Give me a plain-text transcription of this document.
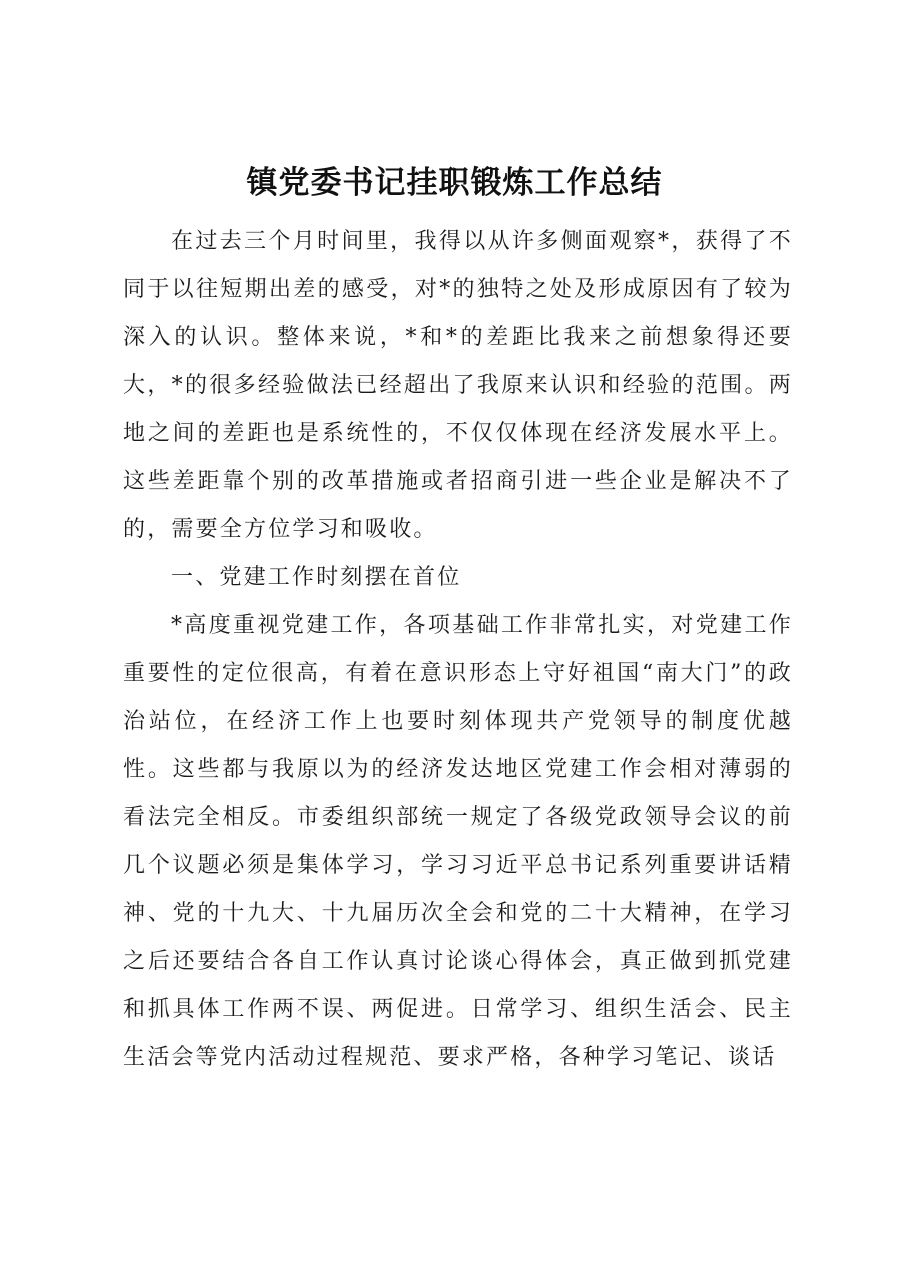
镇党委书记挂职锻炼工作总结

在过去三个月时间里，我得以从许多侧面观察*，获得了不同于以往短期出差的感受，对*的独特之处及形成原因有了较为深入的认识。整体来说，*和*的差距比我来之前想象得还要大，*的很多经验做法已经超出了我原来认识和经验的范围。两地之间的差距也是系统性的，不仅仅体现在经济发展水平上。这些差距靠个别的改革措施或者招商引进一些企业是解决不了的，需要全方位学习和吸收。

一、党建工作时刻摆在首位

*高度重视党建工作，各项基础工作非常扎实，对党建工作重要性的定位很高，有着在意识形态上守好祖国“南大门”的政治站位，在经济工作上也要时刻体现共产党领导的制度优越性。这些都与我原以为的经济发达地区党建工作会相对薄弱的看法完全相反。市委组织部统一规定了各级党政领导会议的前几个议题必须是集体学习，学习习近平总书记系列重要讲话精神、党的十九大、十九届历次全会和党的二十大精神，在学习之后还要结合各自工作认真讨论谈心得体会，真正做到抓党建和抓具体工作两不误、两促进。日常学习、组织生活会、民主生活会等党内活动过程规范、要求严格，各种学习笔记、谈话
